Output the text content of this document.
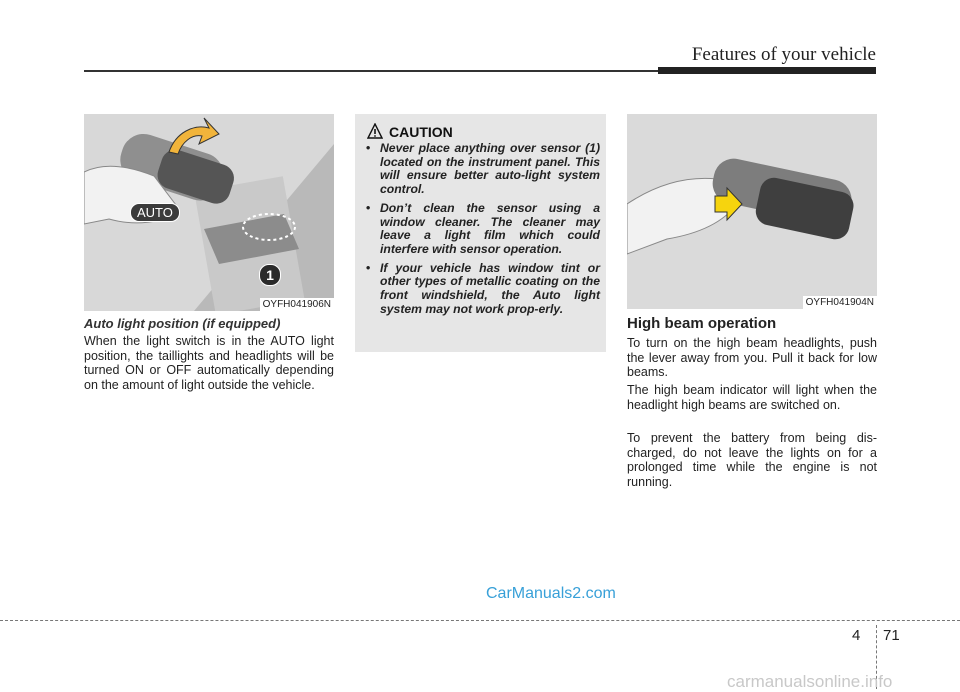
Features of your vehicle
AUTO
1
OYFH041906N
Auto light position (if equipped)
When the light switch is in the AUTO light position, the taillights and headlights will be turned ON or OFF automatically depending on the amount of light outside the vehicle.
CAUTION
• Never place anything over sensor (1) located on the instrument panel. This will ensure better auto-light system control.
• Don’t clean the sensor using a window cleaner. The cleaner may leave a light film which could interfere with sensor operation.
• If your vehicle has window tint or other types of metallic coating on the front windshield, the Auto light system may not work prop-erly.	OYFH041904N
High beam operation
To turn on the high beam headlights, push the lever away from you. Pull it back for low beams.
The high beam indicator will light when the headlight high beams are switched on.
To prevent the battery from being dis-charged, do not leave the lights on for a prolonged time while the engine is not running.
CarManuals2.com
4 71
carmanualsonline.info
